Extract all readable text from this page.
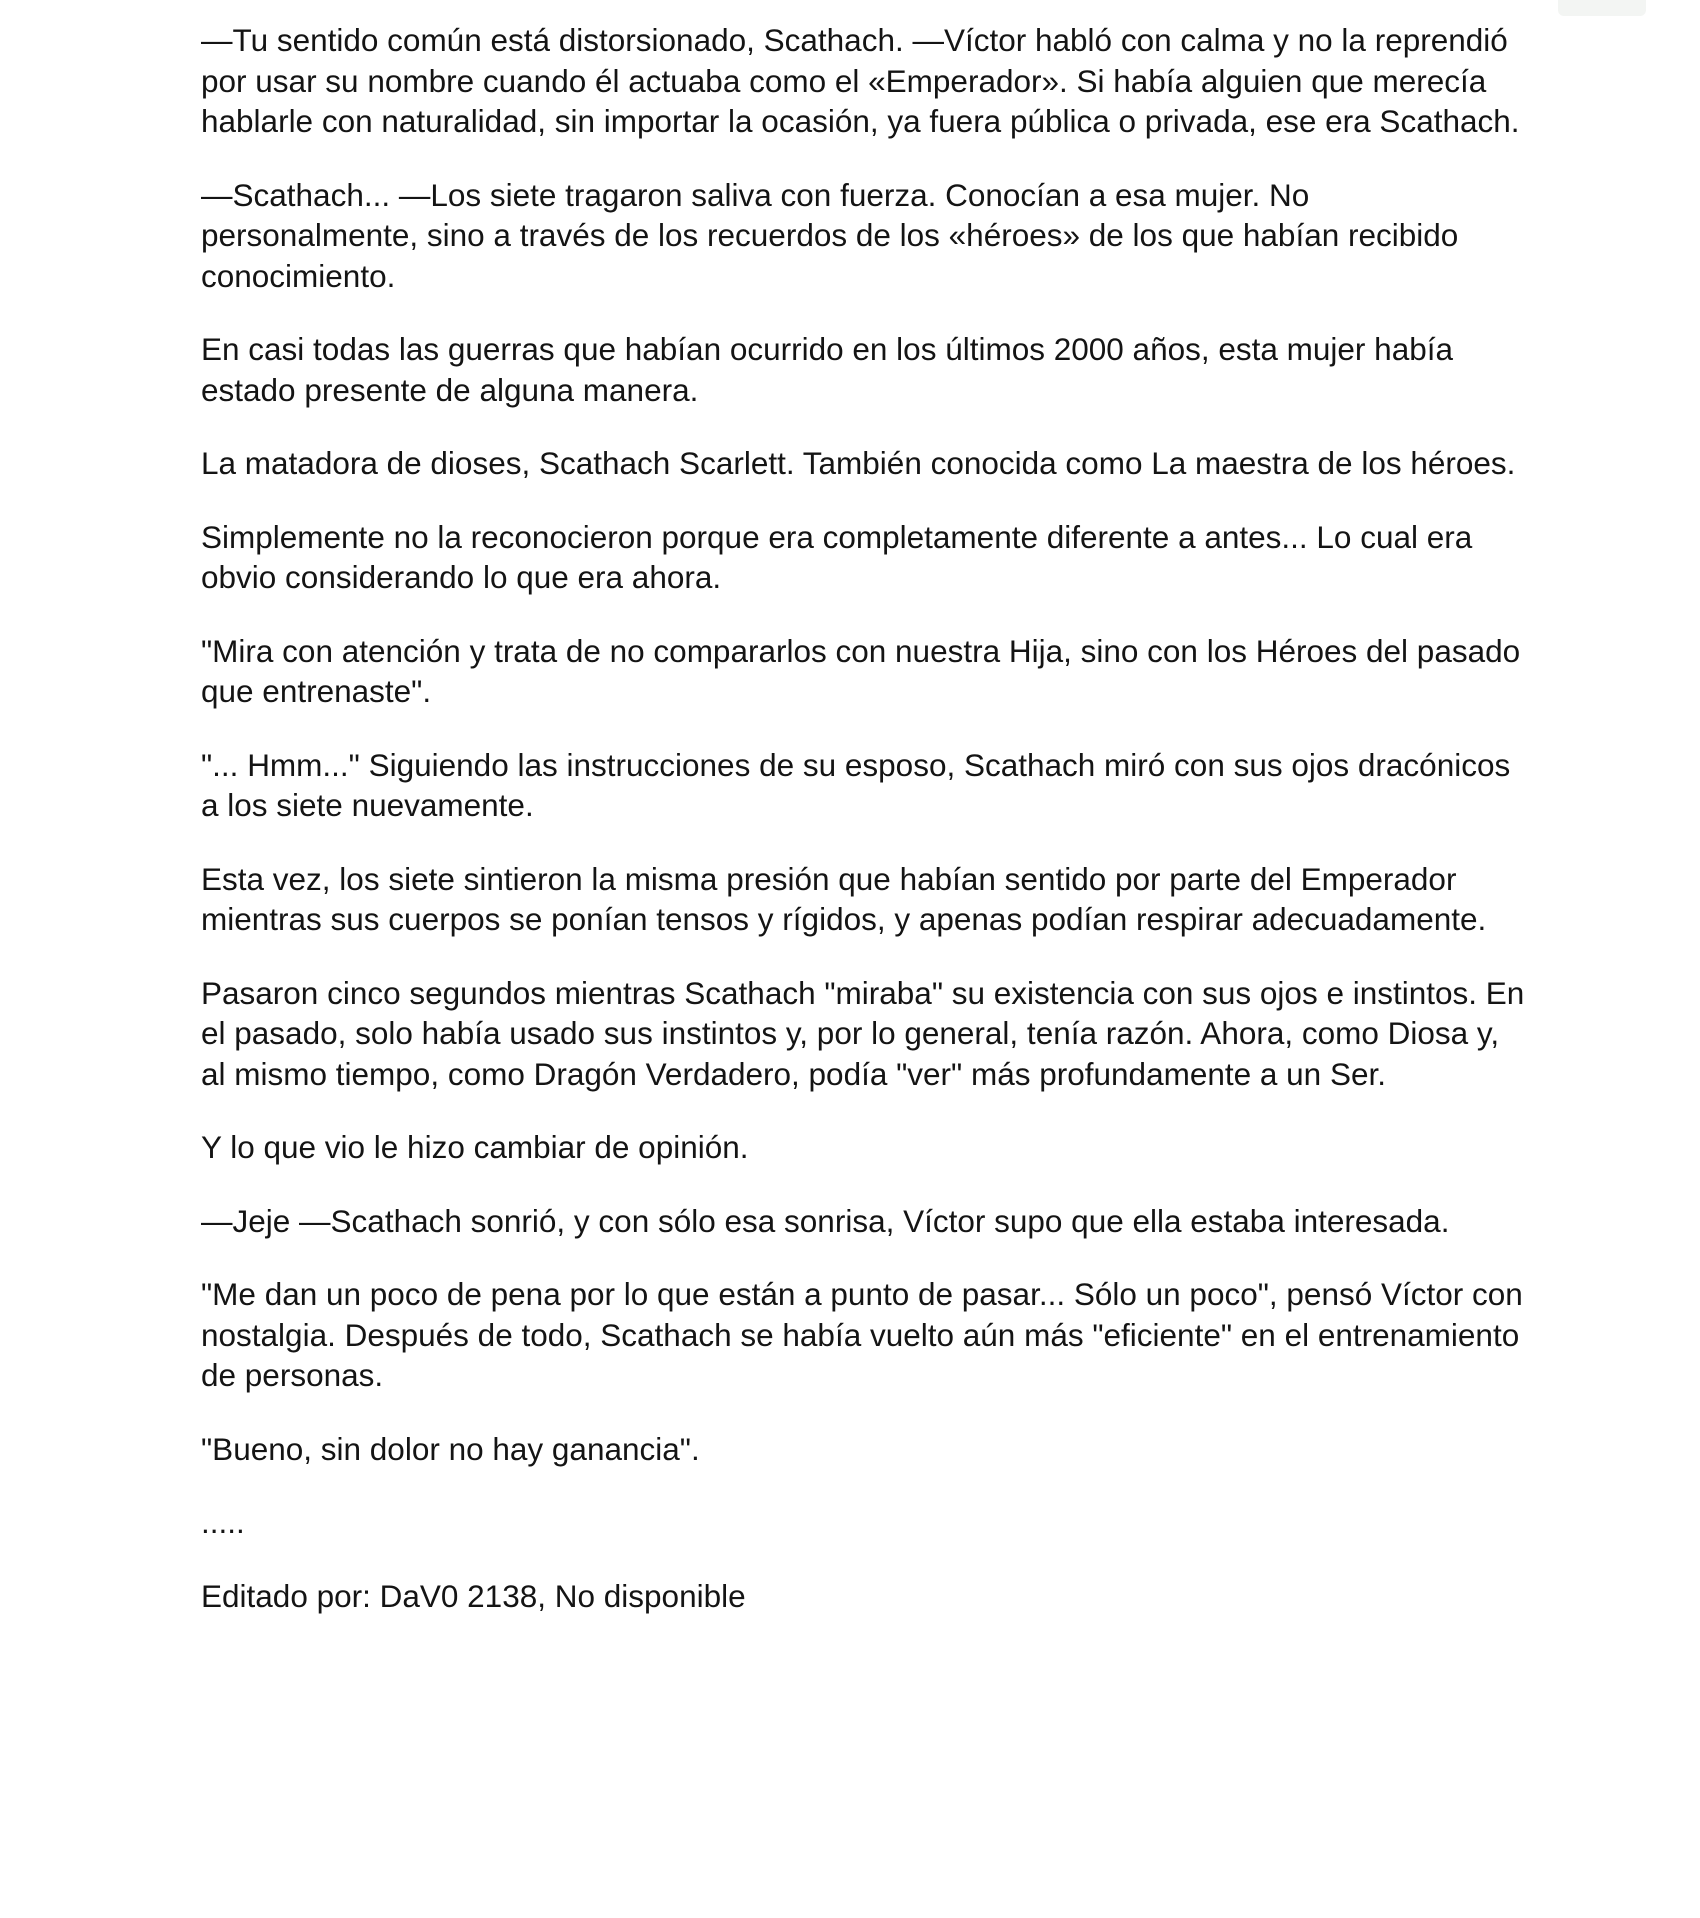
—Tu sentido común está distorsionado, Scathach. —Víctor habló con calma y no la reprendió por usar su nombre cuando él actuaba como el «Emperador». Si había alguien que merecía hablarle con naturalidad, sin importar la ocasión, ya fuera pública o privada, ese era Scathach.

—Scathach... —Los siete tragaron saliva con fuerza. Conocían a esa mujer. No personalmente, sino a través de los recuerdos de los «héroes» de los que habían recibido conocimiento.

En casi todas las guerras que habían ocurrido en los últimos 2000 años, esta mujer había estado presente de alguna manera.

La matadora de dioses, Scathach Scarlett. También conocida como La maestra de los héroes.

Simplemente no la reconocieron porque era completamente diferente a antes... Lo cual era obvio considerando lo que era ahora.

"Mira con atención y trata de no compararlos con nuestra Hija, sino con los Héroes del pasado que entrenaste".

"... Hmm..." Siguiendo las instrucciones de su esposo, Scathach miró con sus ojos dracónicos a los siete nuevamente.

Esta vez, los siete sintieron la misma presión que habían sentido por parte del Emperador mientras sus cuerpos se ponían tensos y rígidos, y apenas podían respirar adecuadamente.

Pasaron cinco segundos mientras Scathach "miraba" su existencia con sus ojos e instintos. En el pasado, solo había usado sus instintos y, por lo general, tenía razón. Ahora, como Diosa y, al mismo tiempo, como Dragón Verdadero, podía "ver" más profundamente a un Ser.

Y lo que vio le hizo cambiar de opinión.

—Jeje —Scathach sonrió, y con sólo esa sonrisa, Víctor supo que ella estaba interesada.

"Me dan un poco de pena por lo que están a punto de pasar... Sólo un poco", pensó Víctor con nostalgia. Después de todo, Scathach se había vuelto aún más "eficiente" en el entrenamiento de personas.

"Bueno, sin dolor no hay ganancia".

.....

Editado por: DaV0 2138, No disponible
